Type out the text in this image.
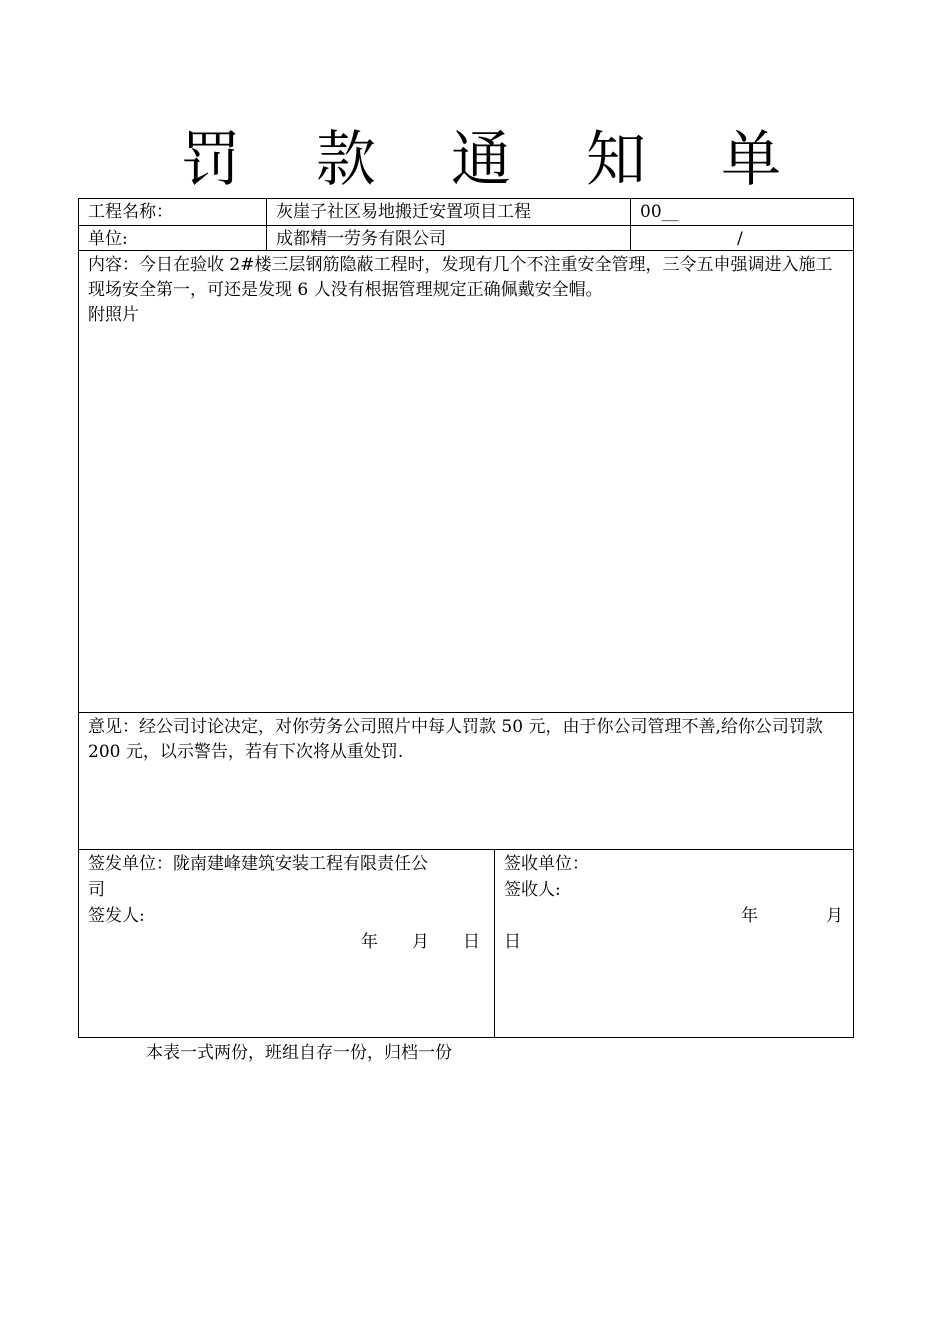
罚 款 通 知 单
工程名称：	灰崖子社区易地搬迁安置项目工程	00__
单位:	成都精一劳务有限公司	/
内容：今日在验收 2#楼三层钢筋隐蔽工程时，发现有几个不注重安全管理，三令五申强调进入施工现场安全第一，可还是发现 6 人没有根据管理规定正确佩戴安全帽。
附照片
意见：经公司讨论决定，对你劳务公司照片中每人罚款 50 元，由于你公司管理不善,给你公司罚款 200 元，以示警告，若有下次将从重处罚.
签发单位：陇南建峰建筑安装工程有限责任公
司
签发人:
年　　月　　日
签收单位：
签收人:
年　　　　月
日
本表一式两份，班组自存一份，归档一份
